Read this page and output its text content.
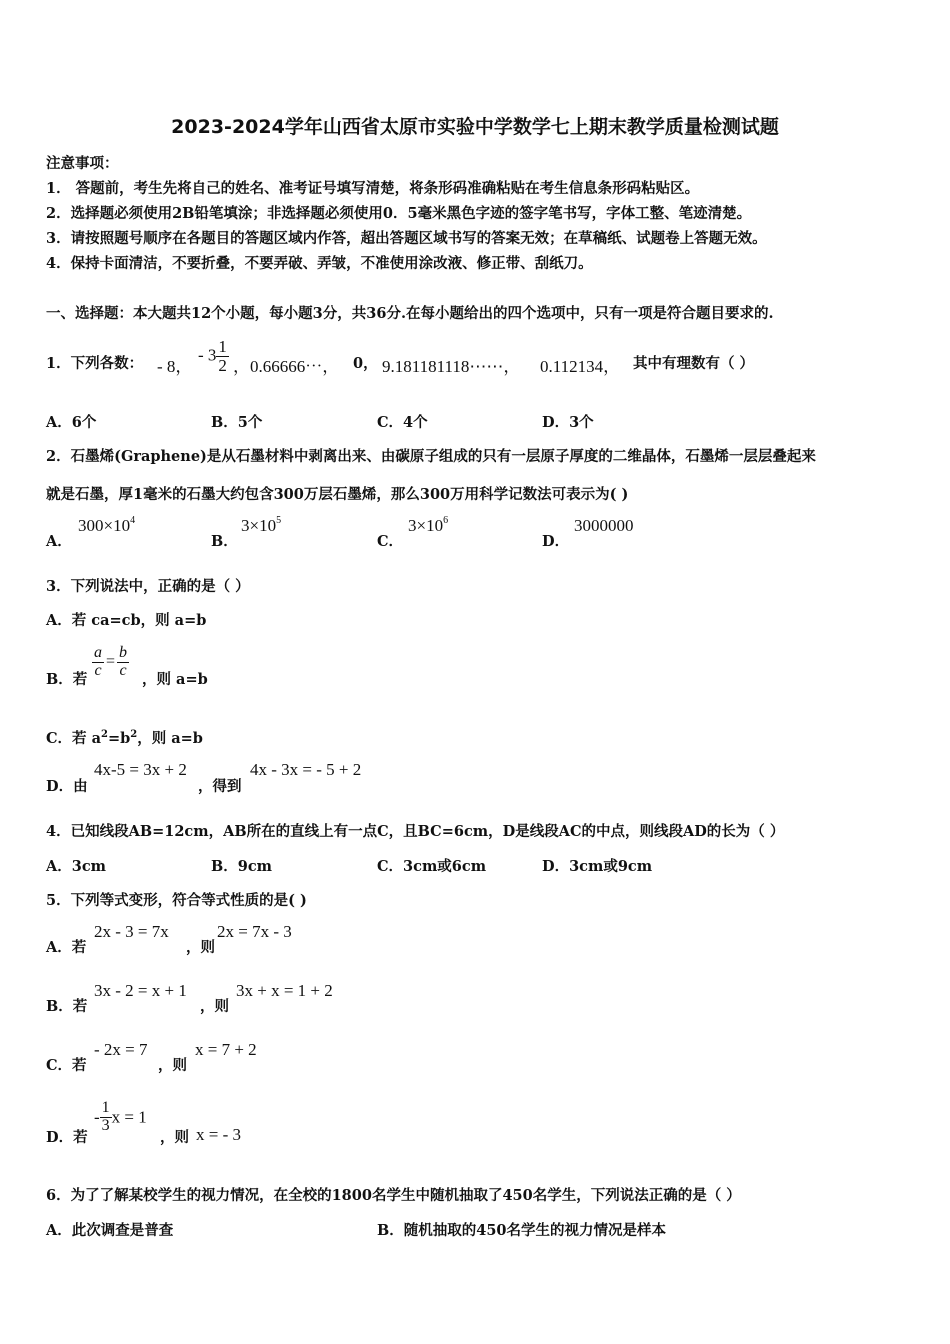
2023-2024学年山西省太原市实验中学数学七上期末教学质量检测试题
注意事项：
1． 答题前，考生先将自己的姓名、准考证号填写清楚，将条形码准确粘贴在考生信息条形码粘贴区。
2．选择题必须使用2B铅笔填涂；非选择题必须使用0．5毫米黑色字迹的签字笔书写，字体工整、笔迹清楚。
3．请按照题号顺序在各题目的答题区域内作答，超出答题区域书写的答案无效；在草稿纸、试题卷上答题无效。
4．保持卡面清洁，不要折叠，不要弄破、弄皱，不准使用涂改液、修正带、刮纸刀。
一、选择题：本大题共12个小题，每小题3分，共36分.在每小题给出的四个选项中，只有一项是符合题目要求的.
1．下列各数： - 8，
- $3 \frac{1}{2}$ ，0.66666⋯， 0， 9.181181118⋯⋯， 0.112134， 其中有理数有（ ）
A．6个	B．5个	C．4个	D．3个
2．石墨烯(Graphene)是从石墨材料中剥离出来、由碳原子组成的只有一层原子厚度的二维晶体，石墨烯一层层叠起来
就是石墨，厚1毫米的石墨大约包含300万层石墨烯，那么300万用科学记数法可表示为( )
A．
$300\times 10^4$
B．
$3\times 10^5$
C．
$3\times 10^6$
D．
3000000
3．下列说法中，正确的是（ ）
A．若 ca=cb，则 a=b
B．若 $\frac{a}{c} = \frac{b}{c}$ ，则 a=b
C．若 $a^2=b^2$，则 a=b
D．由
4x-5 = 3x + 2
，得到
4x - 3x = - 5 + 2
4．已知线段AB=12cm，AB所在的直线上有一点C，且BC=6cm，D是线段AC的中点，则线段AD的长为（ ）
A．3cm	B．9cm	C．3cm或6cm	D．3cm或9cm
5．下列等式变形，符合等式性质的是( )
A．若
2x - 3 = 7x
，则
2x = 7x - 3
B．若
3x - 2 = x + 1
，则
3x + x = 1 + 2
C．若
- 2x = 7
，则
x = 7 + 2
D．若
- $\frac{1}{3}$ x = 1
，则 x = - 3
6．为了了解某校学生的视力情况，在全校的1800名学生中随机抽取了450名学生，下列说法正确的是（ ）
A．此次调查是普查	B．随机抽取的450名学生的视力情况是样本
